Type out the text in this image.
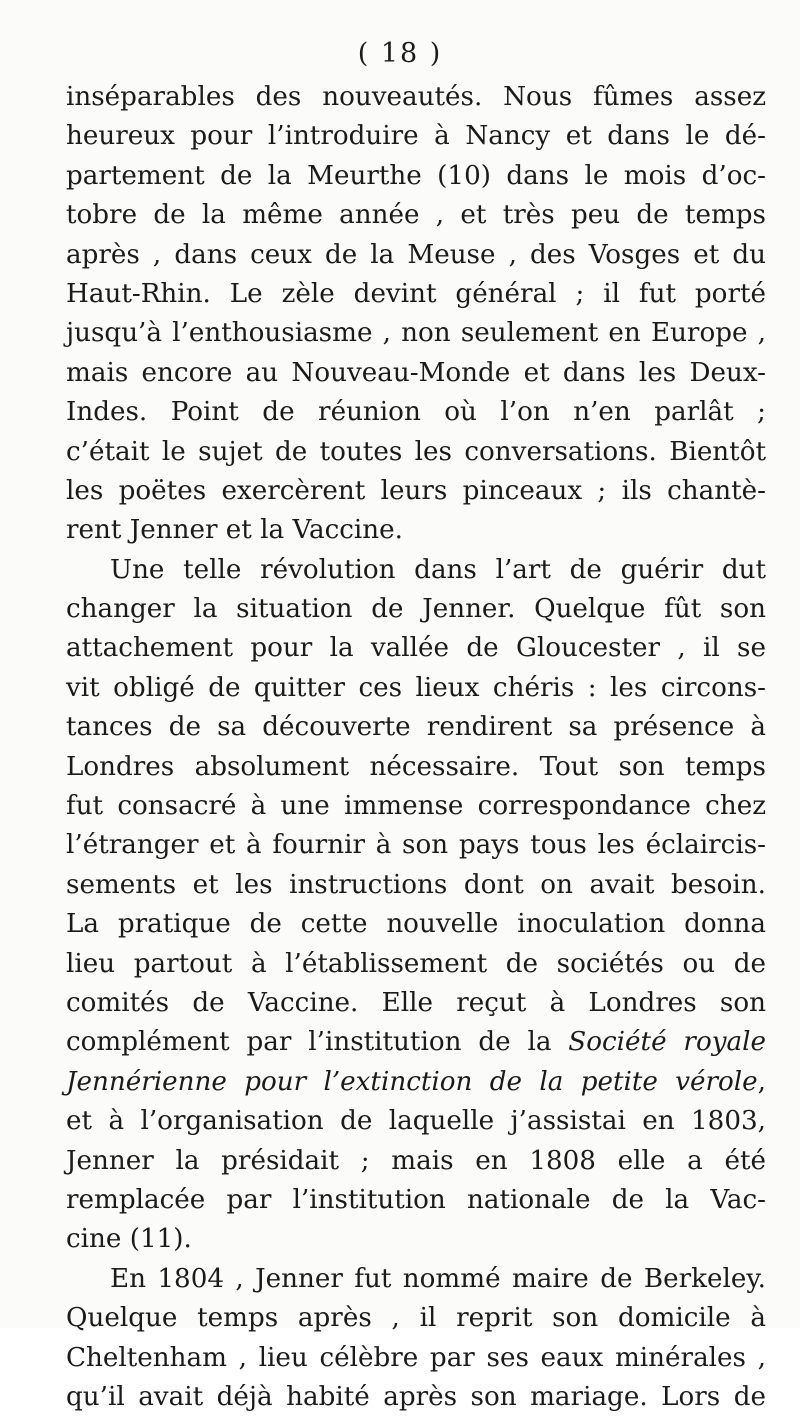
( 18 )
inséparables des nouveautés. Nous fûmes assez
heureux pour l’introduire à Nancy et dans le dé-
partement de la Meurthe (10) dans le mois d’oc-
tobre de la même année , et très peu de temps
après , dans ceux de la Meuse , des Vosges et du
Haut-Rhin. Le zèle devint général ; il fut porté
jusqu’à l’enthousiasme , non seulement en Europe ,
mais encore au Nouveau-Monde et dans les Deux-
Indes. Point de réunion où l’on n’en parlât ;
c’était le sujet de toutes les conversations. Bientôt
les poëtes exercèrent leurs pinceaux ; ils chantè-
rent Jenner et la Vaccine.
Une telle révolution dans l’art de guérir dut
changer la situation de Jenner. Quelque fût son
attachement pour la vallée de Gloucester , il se
vit obligé de quitter ces lieux chéris : les circons-
tances de sa découverte rendirent sa présence à
Londres absolument nécessaire. Tout son temps
fut consacré à une immense correspondance chez
l’étranger et à fournir à son pays tous les éclaircis-
sements et les instructions dont on avait besoin.
La pratique de cette nouvelle inoculation donna
lieu partout à l’établissement de sociétés ou de
comités de Vaccine. Elle reçut à Londres son
complément par l’institution de la Société royale
Jennérienne pour l’extinction de la petite vérole,
et à l’organisation de laquelle j’assistai en 1803,
Jenner la présidait ; mais en 1808 elle a été
remplacée par l’institution nationale de la Vac-
cine (11).
En 1804 , Jenner fut nommé maire de Berkeley.
Quelque temps après , il reprit son domicile à
Cheltenham , lieu célèbre par ses eaux minérales ,
qu’il avait déjà habité après son mariage. Lors de
